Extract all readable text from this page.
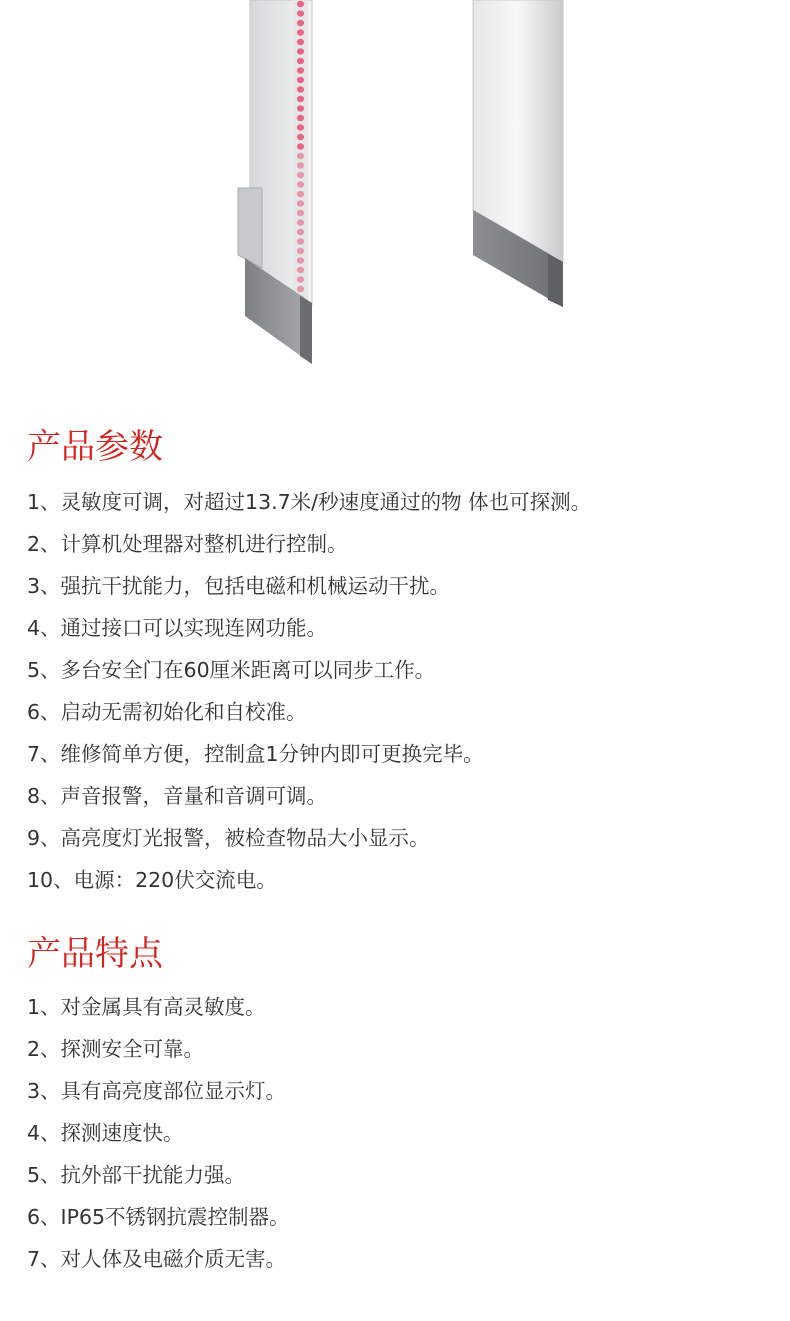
产品参数
1、灵敏度可调，对超过13.7米/秒速度通过的物 体也可探测。
2、计算机处理器对整机进行控制。
3、强抗干扰能力，包括电磁和机械运动干扰。
4、通过接口可以实现连网功能。
5、多台安全门在60厘米距离可以同步工作。
6、启动无需初始化和自校准。
7、维修简单方便，控制盒1分钟内即可更换完毕。
8、声音报警，音量和音调可调。
9、高亮度灯光报警，被检查物品大小显示。
10、电源：220伏交流电。
产品特点
1、对金属具有高灵敏度。
2、探测安全可靠。
3、具有高亮度部位显示灯。
4、探测速度快。
5、抗外部干扰能力强。
6、IP65不锈钢抗震控制器。
7、对人体及电磁介质无害。
